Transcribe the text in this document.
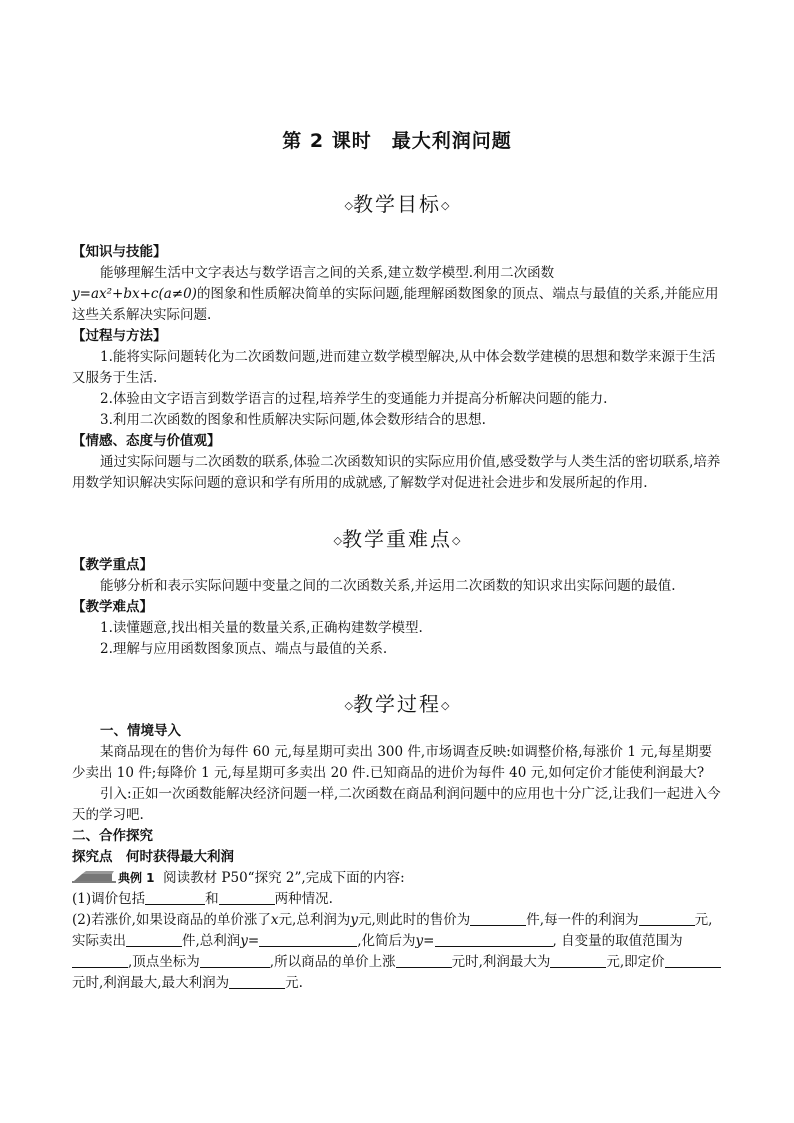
第 2 课时　最大利润问题
◇教学目标◇
【知识与技能】
能够理解生活中文字表达与数学语言之间的关系,建立数学模型.利用二次函数
y=ax²+bx+c(a≠0)的图象和性质解决简单的实际问题,能理解函数图象的顶点、端点与最值的关系,并能应用这些关系解决实际问题.
【过程与方法】
1.能将实际问题转化为二次函数问题,进而建立数学模型解决,从中体会数学建模的思想和数学来源于生活又服务于生活.
2.体验由文字语言到数学语言的过程,培养学生的变通能力并提高分析解决问题的能力.
3.利用二次函数的图象和性质解决实际问题,体会数形结合的思想.
【情感、态度与价值观】
通过实际问题与二次函数的联系,体验二次函数知识的实际应用价值,感受数学与人类生活的密切联系,培养用数学知识解决实际问题的意识和学有所用的成就感,了解数学对促进社会进步和发展所起的作用.
◇教学重难点◇
【教学重点】
能够分析和表示实际问题中变量之间的二次函数关系,并运用二次函数的知识求出实际问题的最值.
【教学难点】
1.读懂题意,找出相关量的数量关系,正确构建数学模型.
2.理解与应用函数图象顶点、端点与最值的关系.
◇教学过程◇
一、情境导入
某商品现在的售价为每件 60 元,每星期可卖出 300 件,市场调查反映:如调整价格,每涨价 1 元,每星期要少卖出 10 件;每降价 1 元,每星期可多卖出 20 件.已知商品的进价为每件 40 元,如何定价才能使利润最大?
引入:正如一次函数能解决经济问题一样,二次函数在商品利润问题中的应用也十分广泛,让我们一起进入今天的学习吧.
二、合作探究
探究点　何时获得最大利润
典例 1 阅读教材 P50“探究 2”,完成下面的内容:
(1)调价包括	和	两种情况.
(2)若涨价,如果设商品的单价涨了x元,总利润为y元,则此时的售价为	件,每一件的利润为	元,实际卖出	件,总利润y=	,化简后为y=	, 自变量的取值范围为,顶点坐标为	,所以商品的单价上涨	元时,利润最大为	元,即定价元时,利润最大,最大利润为	元.
